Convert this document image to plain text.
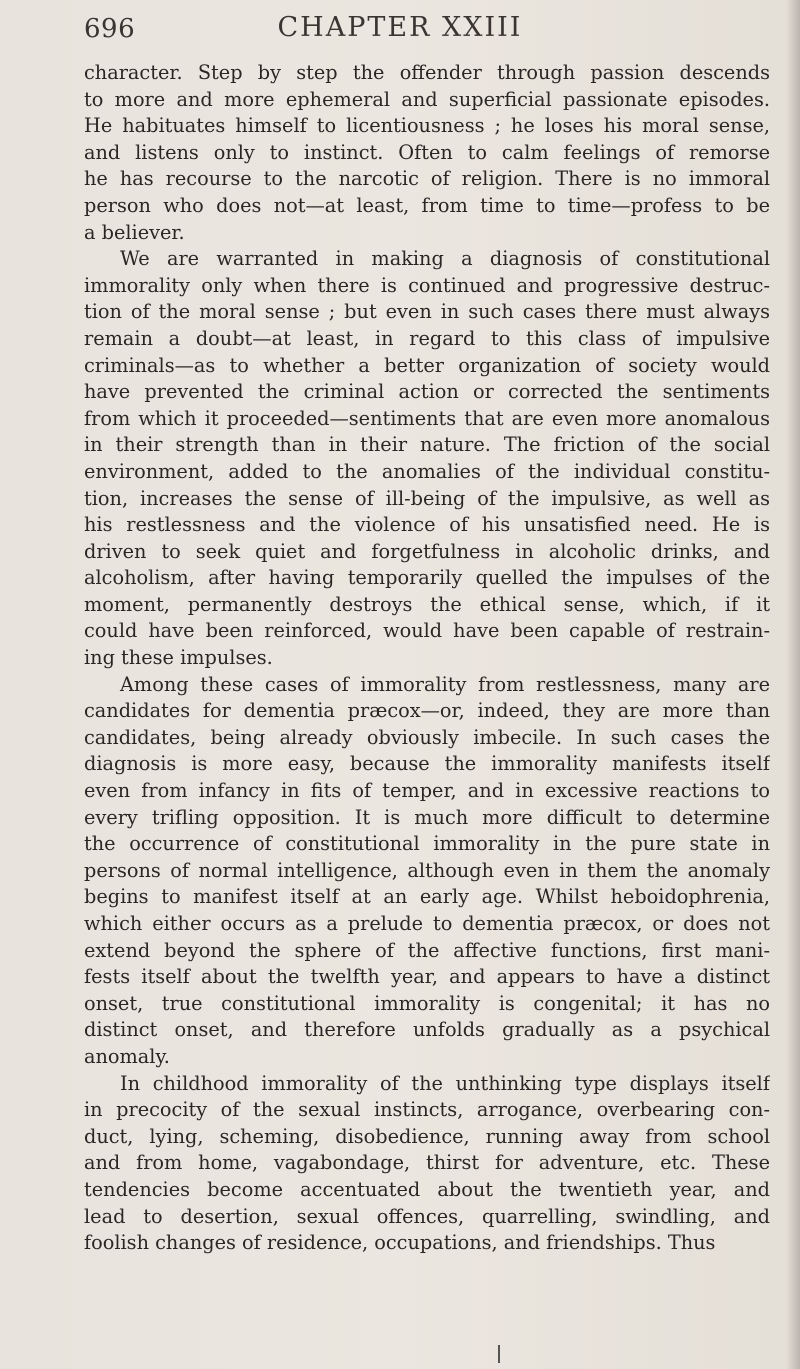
696	CHAPTER XXIII
character. Step by step the offender through passion descends
to more and more ephemeral and superficial passionate episodes.
He habituates himself to licentiousness ; he loses his moral sense,
and listens only to instinct. Often to calm feelings of remorse
he has recourse to the narcotic of religion. There is no immoral
person who does not—at least, from time to time—profess to be
a believer.
We are warranted in making a diagnosis of constitutional
immorality only when there is continued and progressive destruc-
tion of the moral sense ; but even in such cases there must always
remain a doubt—at least, in regard to this class of impulsive
criminals—as to whether a better organization of society would
have prevented the criminal action or corrected the sentiments
from which it proceeded—sentiments that are even more anomalous
in their strength than in their nature. The friction of the social
environment, added to the anomalies of the individual constitu-
tion, increases the sense of ill-being of the impulsive, as well as
his restlessness and the violence of his unsatisfied need. He is
driven to seek quiet and forgetfulness in alcoholic drinks, and
alcoholism, after having temporarily quelled the impulses of the
moment, permanently destroys the ethical sense, which, if it
could have been reinforced, would have been capable of restrain-
ing these impulses.
Among these cases of immorality from restlessness, many are
candidates for dementia præcox—or, indeed, they are more than
candidates, being already obviously imbecile. In such cases the
diagnosis is more easy, because the immorality manifests itself
even from infancy in fits of temper, and in excessive reactions to
every trifling opposition. It is much more difficult to determine
the occurrence of constitutional immorality in the pure state in
persons of normal intelligence, although even in them the anomaly
begins to manifest itself at an early age. Whilst heboidophrenia,
which either occurs as a prelude to dementia præcox, or does not
extend beyond the sphere of the affective functions, first mani-
fests itself about the twelfth year, and appears to have a distinct
onset, true constitutional immorality is congenital; it has no
distinct onset, and therefore unfolds gradually as a psychical
anomaly.
In childhood immorality of the unthinking type displays itself
in precocity of the sexual instincts, arrogance, overbearing con-
duct, lying, scheming, disobedience, running away from school
and from home, vagabondage, thirst for adventure, etc. These
tendencies become accentuated about the twentieth year, and
lead to desertion, sexual offences, quarrelling, swindling, and
foolish changes of residence, occupations, and friendships. Thus
